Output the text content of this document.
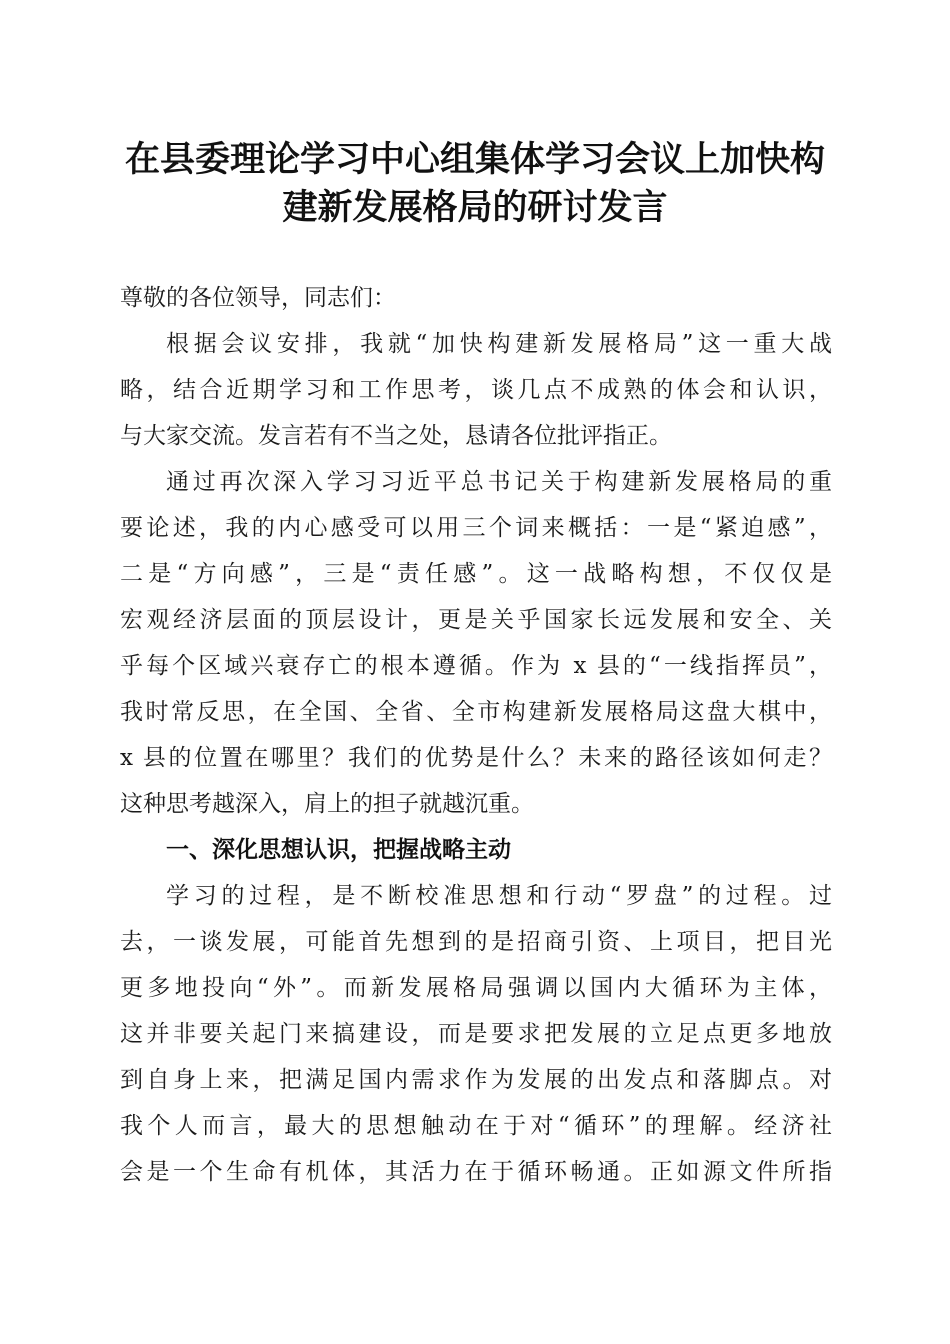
在县委理论学习中心组集体学习会议上加快构
建新发展格局的研讨发言
尊敬的各位领导，同志们：
根据会议安排，我就“加快构建新发展格局”这一重大战
略，结合近期学习和工作思考，谈几点不成熟的体会和认识，
与大家交流。发言若有不当之处，恳请各位批评指正。
通过再次深入学习习近平总书记关于构建新发展格局的重
要论述，我的内心感受可以用三个词来概括：一是“紧迫感”，
二是“方向感”，三是“责任感”。这一战略构想，不仅仅是
宏观经济层面的顶层设计，更是关乎国家长远发展和安全、关
乎每个区域兴衰存亡的根本遵循。作为 x 县的“一线指挥员”，
我时常反思，在全国、全省、全市构建新发展格局这盘大棋中，
x 县的位置在哪里？我们的优势是什么？未来的路径该如何走？
这种思考越深入，肩上的担子就越沉重。
一、深化思想认识，把握战略主动
学习的过程，是不断校准思想和行动“罗盘”的过程。过
去，一谈发展，可能首先想到的是招商引资、上项目，把目光
更多地投向“外”。而新发展格局强调以国内大循环为主体，
这并非要关起门来搞建设，而是要求把发展的立足点更多地放
到自身上来，把满足国内需求作为发展的出发点和落脚点。对
我个人而言，最大的思想触动在于对“循环”的理解。经济社
会是一个生命有机体，其活力在于循环畅通。正如源文件所指
